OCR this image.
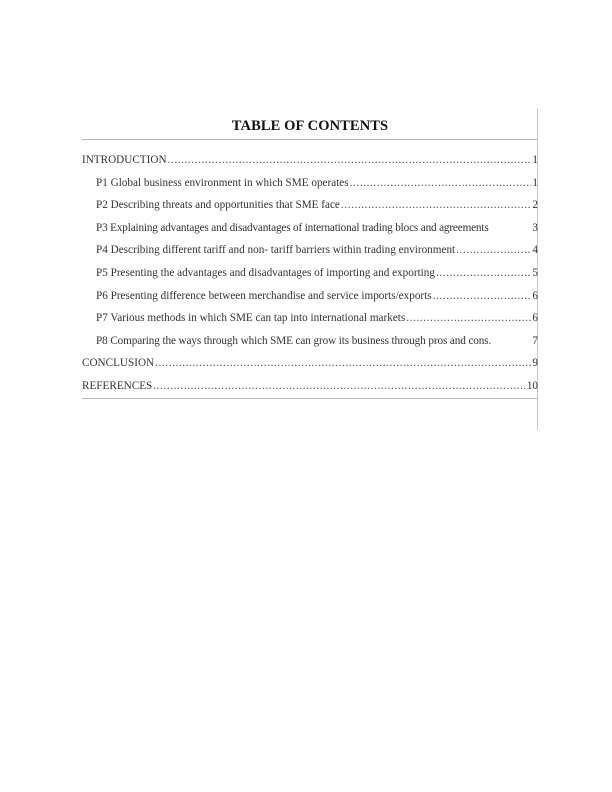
TABLE OF CONTENTS
INTRODUCTION .....	1
P1 Global business environment in which SME operates .....	1
P2 Describing threats and opportunities that SME face .....	2
P3 Explaining advantages and disadvantages of international trading blocs and agreements	3
P4 Describing different tariff and non- tariff barriers within trading environment .....	4
P5 Presenting the advantages and disadvantages of importing and exporting .....	5
P6 Presenting difference between merchandise and service imports/exports .....	6
P7 Various methods in which SME can tap into international markets .....	6
P8 Comparing the ways through which SME can grow its business through pros and cons.	7
CONCLUSION .....	9
REFERENCES .....	10
